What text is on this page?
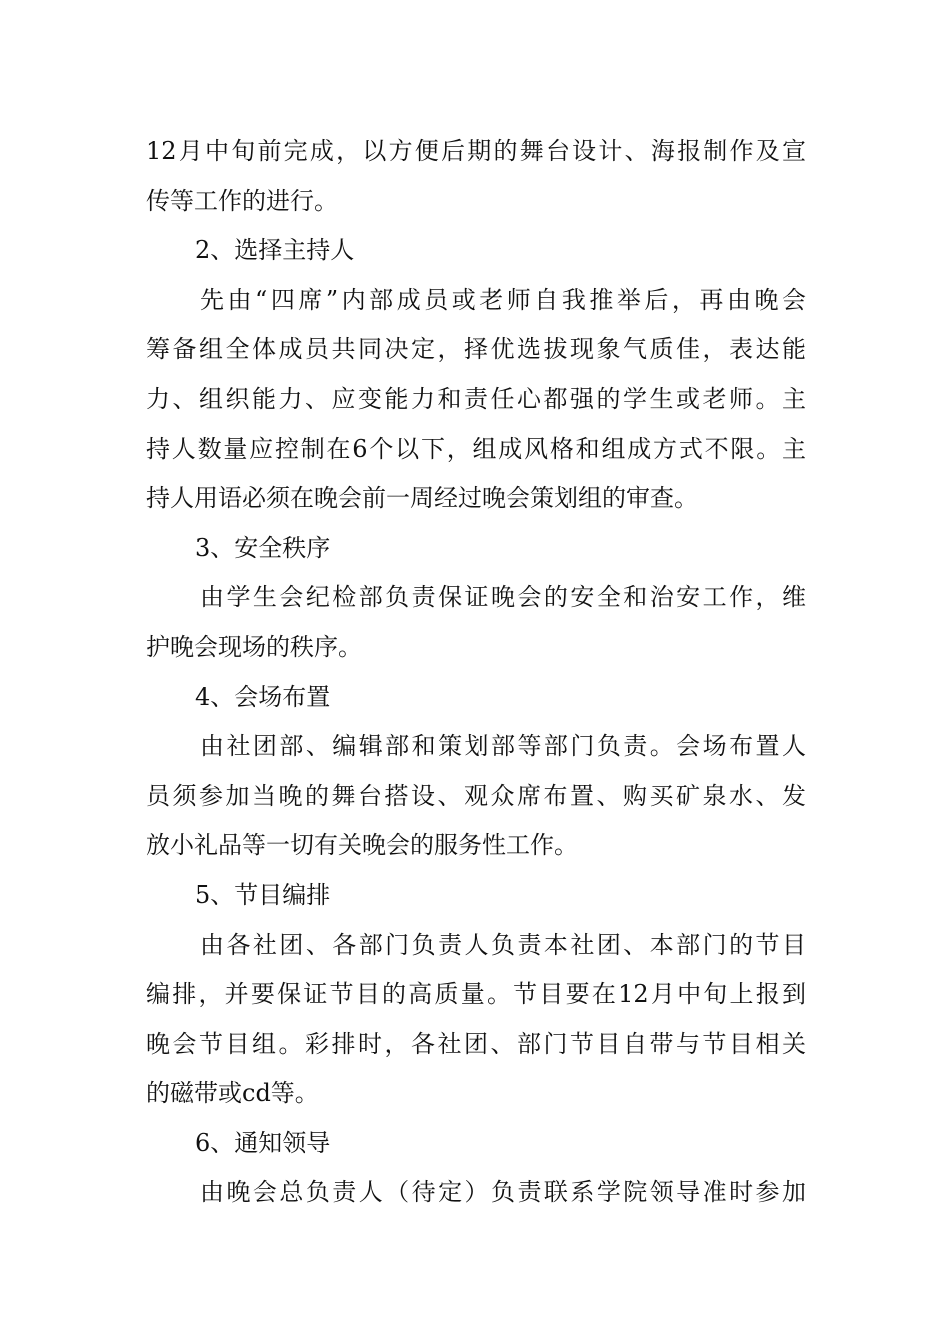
12月中旬前完成，以方便后期的舞台设计、海报制作及宣
传等工作的进行。
2、选择主持人
先由“四席”内部成员或老师自我推举后，再由晚会
筹备组全体成员共同决定，择优选拔现象气质佳，表达能
力、组织能力、应变能力和责任心都强的学生或老师。主
持人数量应控制在6个以下，组成风格和组成方式不限。主
持人用语必须在晚会前一周经过晚会策划组的审查。
3、安全秩序
由学生会纪检部负责保证晚会的安全和治安工作，维
护晚会现场的秩序。
4、会场布置
由社团部、编辑部和策划部等部门负责。会场布置人
员须参加当晚的舞台搭设、观众席布置、购买矿泉水、发
放小礼品等一切有关晚会的服务性工作。
5、节目编排
由各社团、各部门负责人负责本社团、本部门的节目
编排，并要保证节目的高质量。节目要在12月中旬上报到
晚会节目组。彩排时，各社团、部门节目自带与节目相关
的磁带或cd等。
6、通知领导
由晚会总负责人（待定）负责联系学院领导准时参加
